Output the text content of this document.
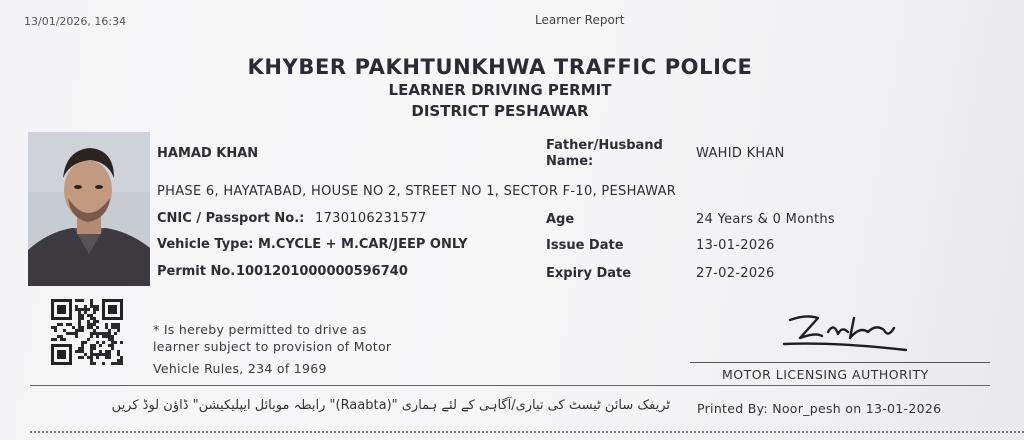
13/01/2026, 16:34	Learner Report
KHYBER PAKHTUNKHWA TRAFFIC POLICE
LEARNER DRIVING PERMIT
DISTRICT PESHAWAR
HAMAD KHAN
Father/Husband
Name:
WAHID KHAN
PHASE 6, HAYATABAD, HOUSE NO 2, STREET NO 1, SECTOR F-10, PESHAWAR
CNIC / Passport No.: 1730106231577	Age	24 Years & 0 Months
Vehicle Type: M.CYCLE + M.CAR/JEEP ONLY	Issue Date	13-01-2026
Permit No. 1001201000000596740	Expiry Date	27-02-2026
* Is hereby permitted to drive as
learner subject to provision of Motor
Vehicle Rules, 234 of 1969	MOTOR LICENSING AUTHORITY
ٹریفک سائن ٹیسٹ کی تیاری/آگاہی کے لئے ہماری "(Raabta)" رابطہ موبائل ایپلیکیشن" ڈاؤن لوڈ کریں Printed By: Noor_pesh on 13-01-2026
